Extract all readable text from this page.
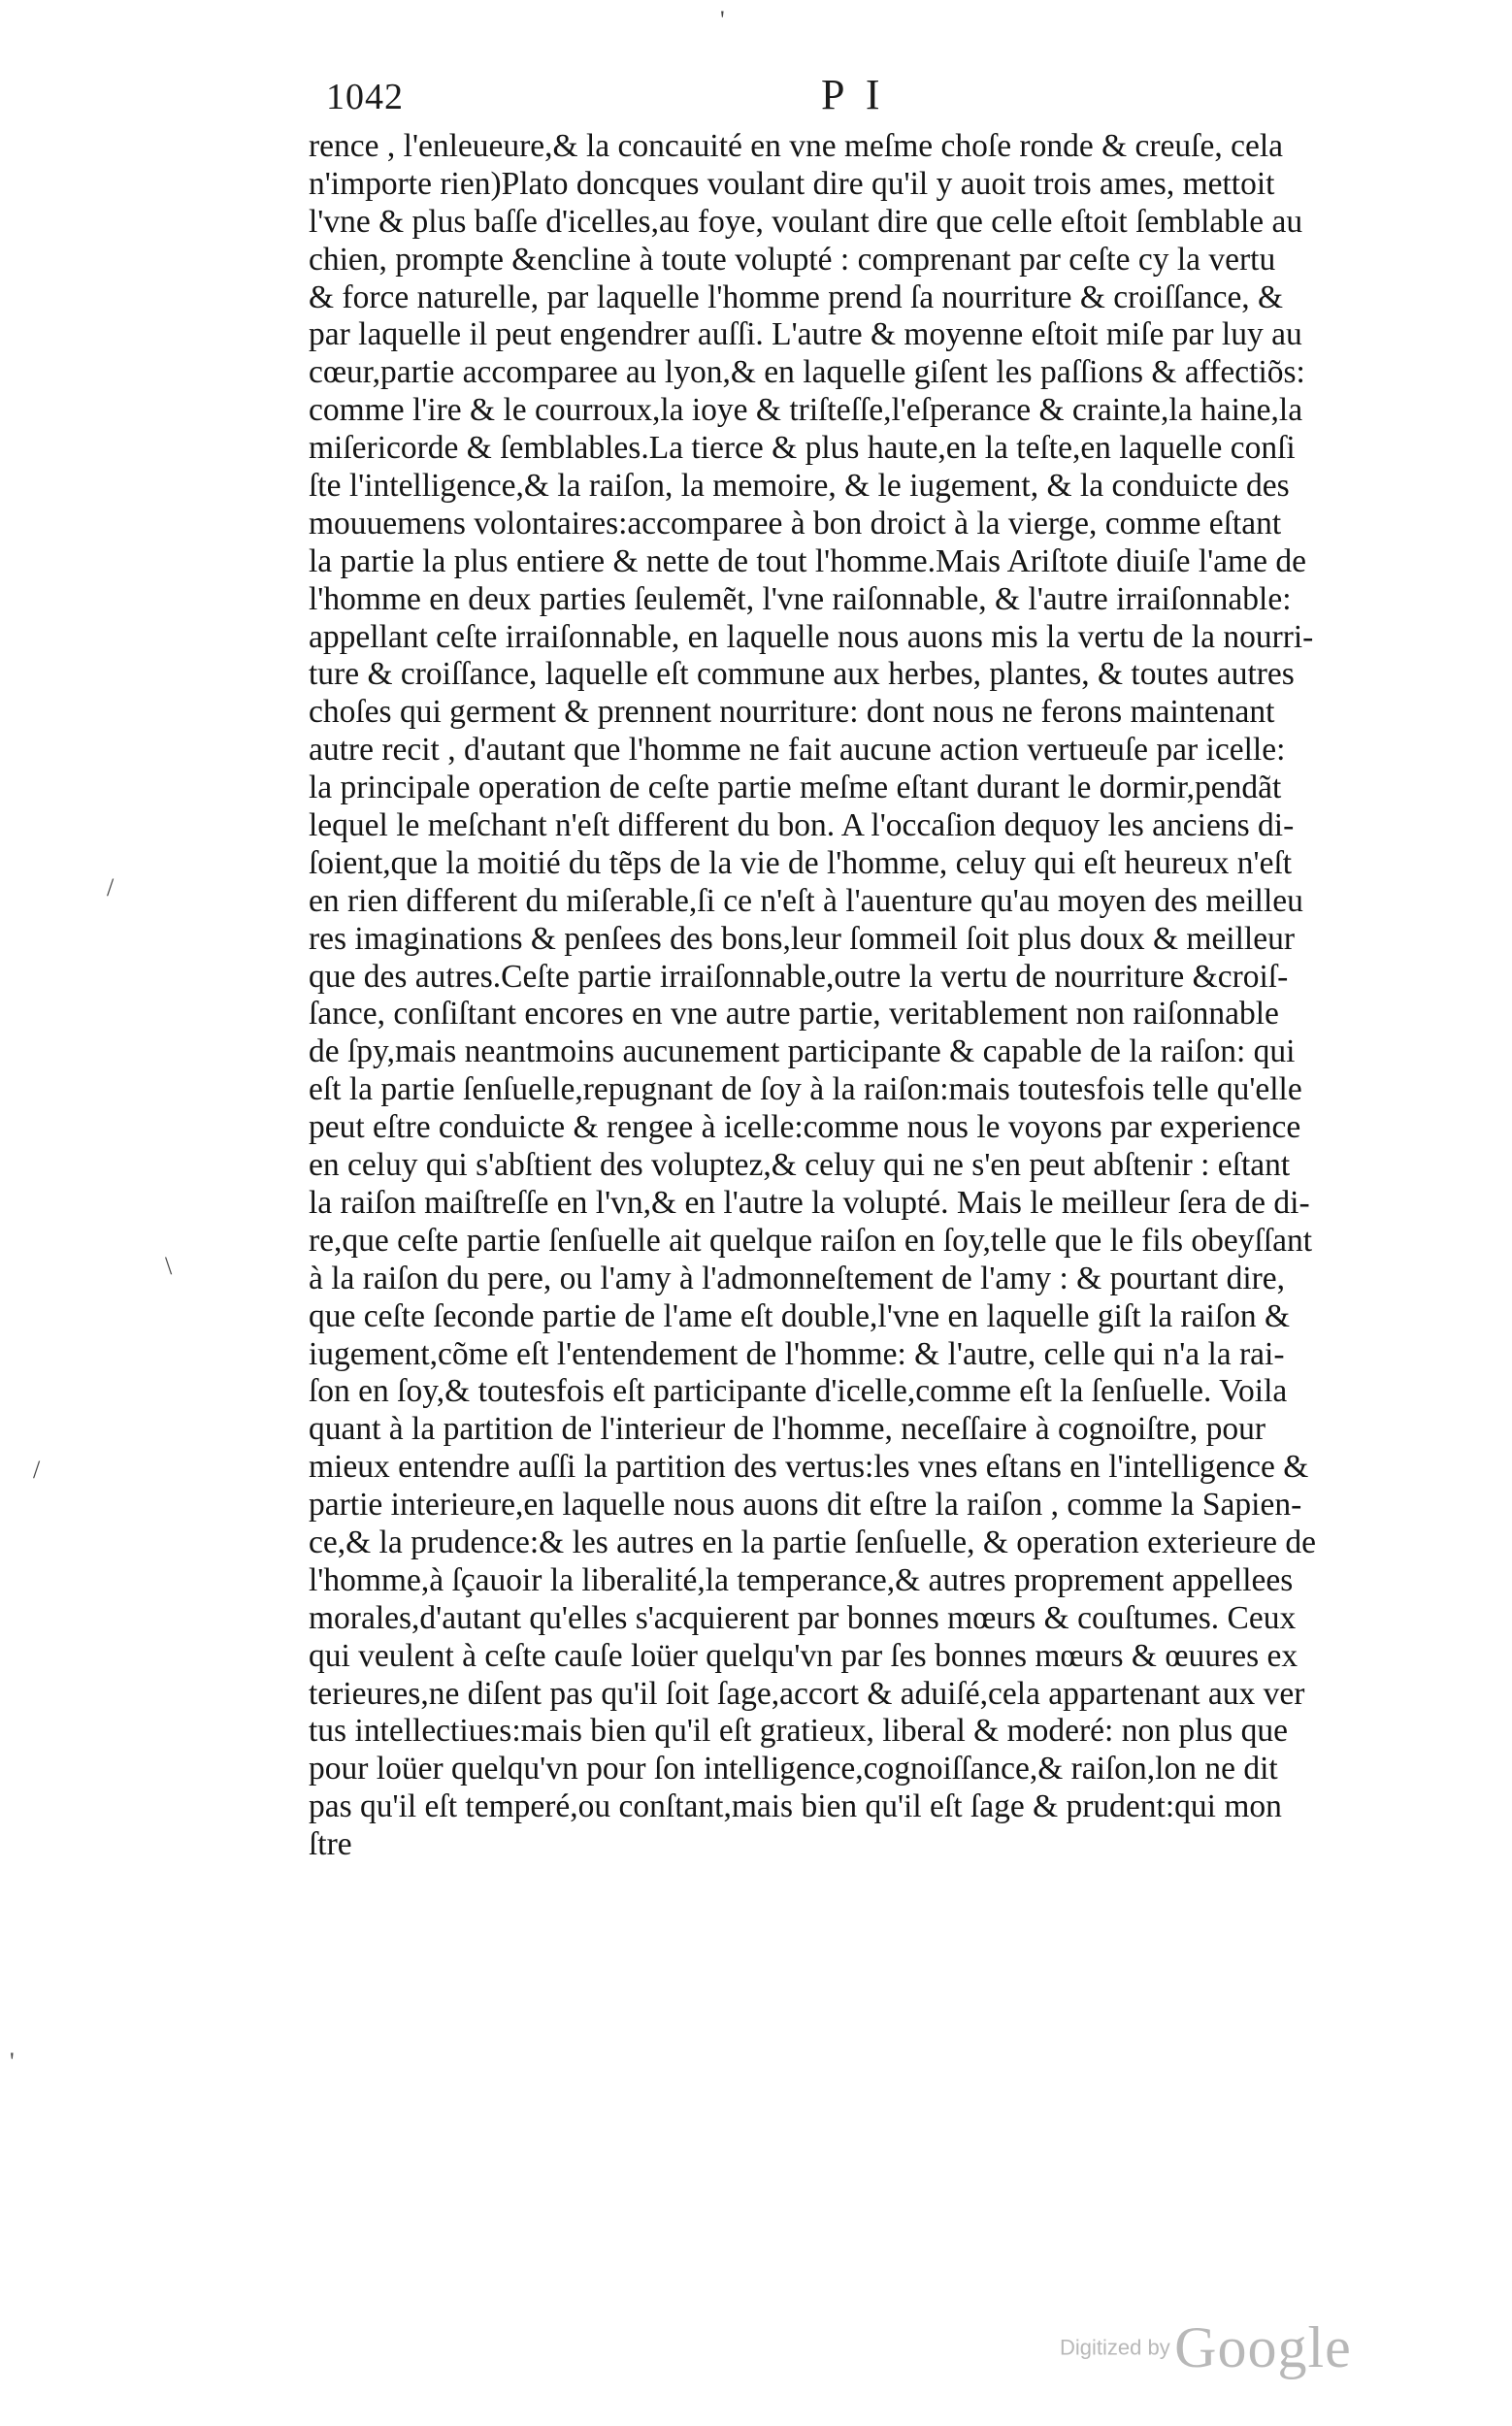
1042	P I
rence , l'enleueure,& la concauité en vne meſme choſe ronde & creuſe, cela
n'importe rien)Plato doncques voulant dire qu'il y auoit trois ames, mettoit
l'vne & plus baſſe d'icelles,au foye, voulant dire que celle eſtoit ſemblable au
chien, prompte &encline à toute volupté : comprenant par ceſte cy la vertu
& force naturelle, par laquelle l'homme prend ſa nourriture & croiſſance, &
par laquelle il peut engendrer auſſi. L'autre & moyenne eſtoit miſe par luy au
cœur,partie accomparee au lyon,& en laquelle giſent les paſſions & affectiõs:
comme l'ire & le courroux,la ioye & triſteſſe,l'eſperance & crainte,la haine,la
miſericorde & ſemblables.La tierce & plus haute,en la teſte,en laquelle conſi
ſte l'intelligence,& la raiſon, la memoire, & le iugement, & la conduicte des
mouuemens volontaires:accomparee à bon droict à la vierge, comme eſtant
la partie la plus entiere & nette de tout l'homme.Mais Ariſtote diuiſe l'ame de
l'homme en deux parties ſeulemẽt, l'vne raiſonnable, & l'autre irraiſonnable:
appellant ceſte irraiſonnable, en laquelle nous auons mis la vertu de la nourri-
ture & croiſſance, laquelle eſt commune aux herbes, plantes, & toutes autres
choſes qui germent & prennent nourriture: dont nous ne ferons maintenant
autre recit , d'autant que l'homme ne fait aucune action vertueuſe par icelle:
la principale operation de ceſte partie meſme eſtant durant le dormir,pendãt
lequel le meſchant n'eſt different du bon. A l'occaſion dequoy les anciens di-
ſoient,que la moitié du tẽps de la vie de l'homme, celuy qui eſt heureux n'eſt
en rien different du miſerable,ſi ce n'eſt à l'auenture qu'au moyen des meilleu
res imaginations & penſees des bons,leur ſommeil ſoit plus doux & meilleur
que des autres.Ceſte partie irraiſonnable,outre la vertu de nourriture &croiſ-
ſance, conſiſtant encores en vne autre partie, veritablement non raiſonnable
de ſpy,mais neantmoins aucunement participante & capable de la raiſon: qui
eſt la partie ſenſuelle,repugnant de ſoy à la raiſon:mais toutesfois telle qu'elle
peut eſtre conduicte & rengee à icelle:comme nous le voyons par experience
en celuy qui s'abſtient des voluptez,& celuy qui ne s'en peut abſtenir : eſtant
la raiſon maiſtreſſe en l'vn,& en l'autre la volupté. Mais le meilleur ſera de di-
re,que ceſte partie ſenſuelle ait quelque raiſon en ſoy,telle que le fils obeyſſant
à la raiſon du pere, ou l'amy à l'admonneſtement de l'amy : & pourtant dire,
que ceſte ſeconde partie de l'ame eſt double,l'vne en laquelle giſt la raiſon &
iugement,cõme eſt l'entendement de l'homme: & l'autre, celle qui n'a la rai-
ſon en ſoy,& toutesfois eſt participante d'icelle,comme eſt la ſenſuelle. Voila
quant à la partition de l'interieur de l'homme, neceſſaire à cognoiſtre, pour
mieux entendre auſſi la partition des vertus:les vnes eſtans en l'intelligence &
partie interieure,en laquelle nous auons dit eſtre la raiſon , comme la Sapien-
ce,& la prudence:& les autres en la partie ſenſuelle, & operation exterieure de
l'homme,à ſçauoir la liberalité,la temperance,& autres proprement appellees
morales,d'autant qu'elles s'acquierent par bonnes mœurs & couſtumes. Ceux
qui veulent à ceſte cauſe loüer quelqu'vn par ſes bonnes mœurs & œuures ex
terieures,ne diſent pas qu'il ſoit ſage,accort & aduiſé,cela appartenant aux ver
tus intellectiues:mais bien qu'il eſt gratieux, liberal & moderé: non plus que
pour loüer quelqu'vn pour ſon intelligence,cognoiſſance,& raiſon,lon ne dit
pas qu'il eſt temperé,ou conſtant,mais bien qu'il eſt ſage & prudent:qui mon
ſtre
'
/
\
/
'
Digitized by Google
